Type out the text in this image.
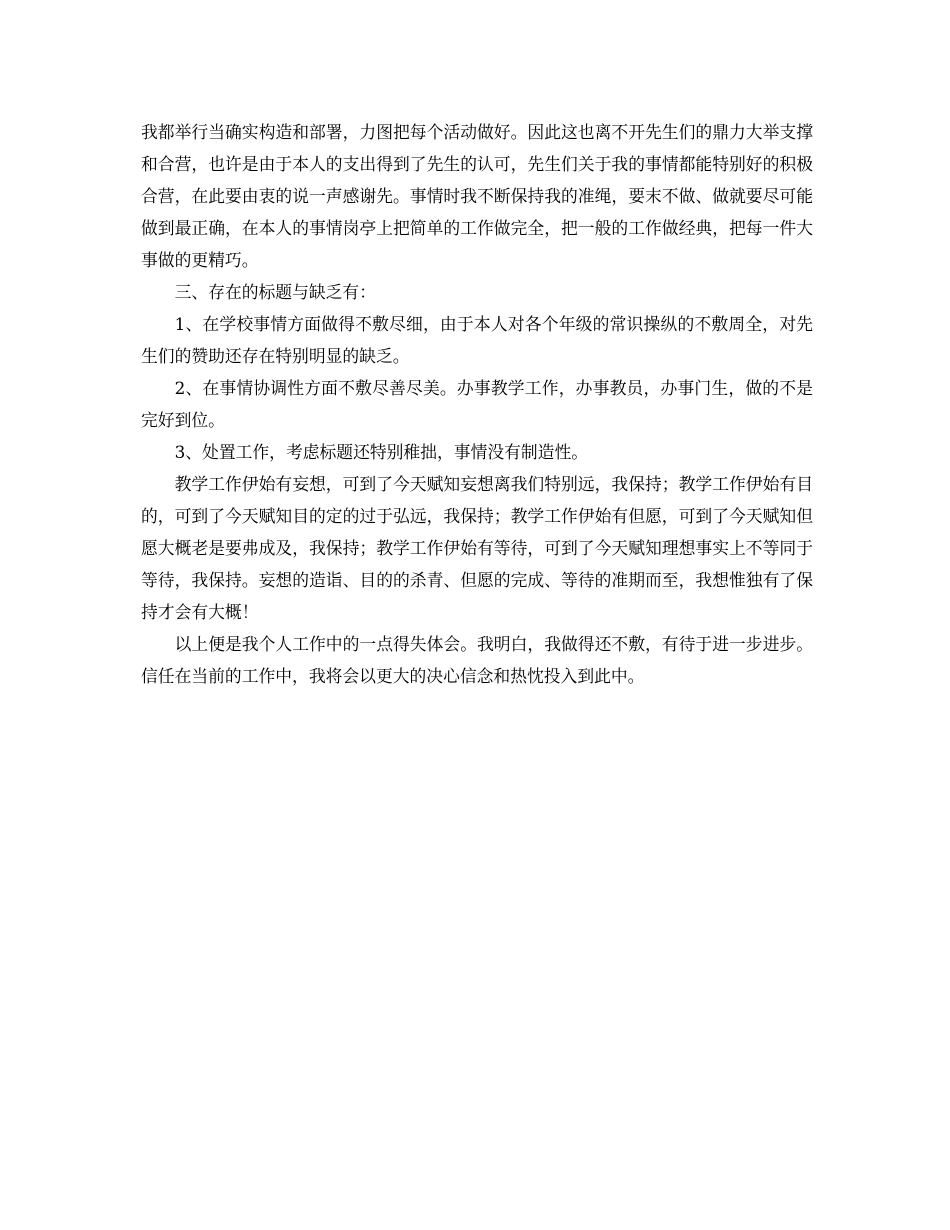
我都举行当确实构造和部署，力图把每个活动做好。因此这也离不开先生们的鼎力大举支撑和合营，也许是由于本人的支出得到了先生的认可，先生们关于我的事情都能特别好的积极合营，在此要由衷的说一声感谢先。事情时我不断保持我的准绳，要末不做、做就要尽可能做到最正确，在本人的事情岗亭上把简单的工作做完全，把一般的工作做经典，把每一件大事做的更精巧。

三、存在的标题与缺乏有：

1、在学校事情方面做得不敷尽细，由于本人对各个年级的常识操纵的不敷周全，对先生们的赞助还存在特别明显的缺乏。

2、在事情协调性方面不敷尽善尽美。办事教学工作，办事教员，办事门生，做的不是完好到位。

3、处置工作，考虑标题还特别稚拙，事情没有制造性。

教学工作伊始有妄想，可到了今天赋知妄想离我们特别远，我保持；教学工作伊始有目的，可到了今天赋知目的定的过于弘远，我保持；教学工作伊始有但愿，可到了今天赋知但愿大概老是要弗成及，我保持；教学工作伊始有等待，可到了今天赋知理想事实上不等同于等待，我保持。妄想的造诣、目的的杀青、但愿的完成、等待的准期而至，我想惟独有了保持才会有大概！

以上便是我个人工作中的一点得失体会。我明白，我做得还不敷，有待于进一步进步。信任在当前的工作中，我将会以更大的决心信念和热忱投入到此中。
